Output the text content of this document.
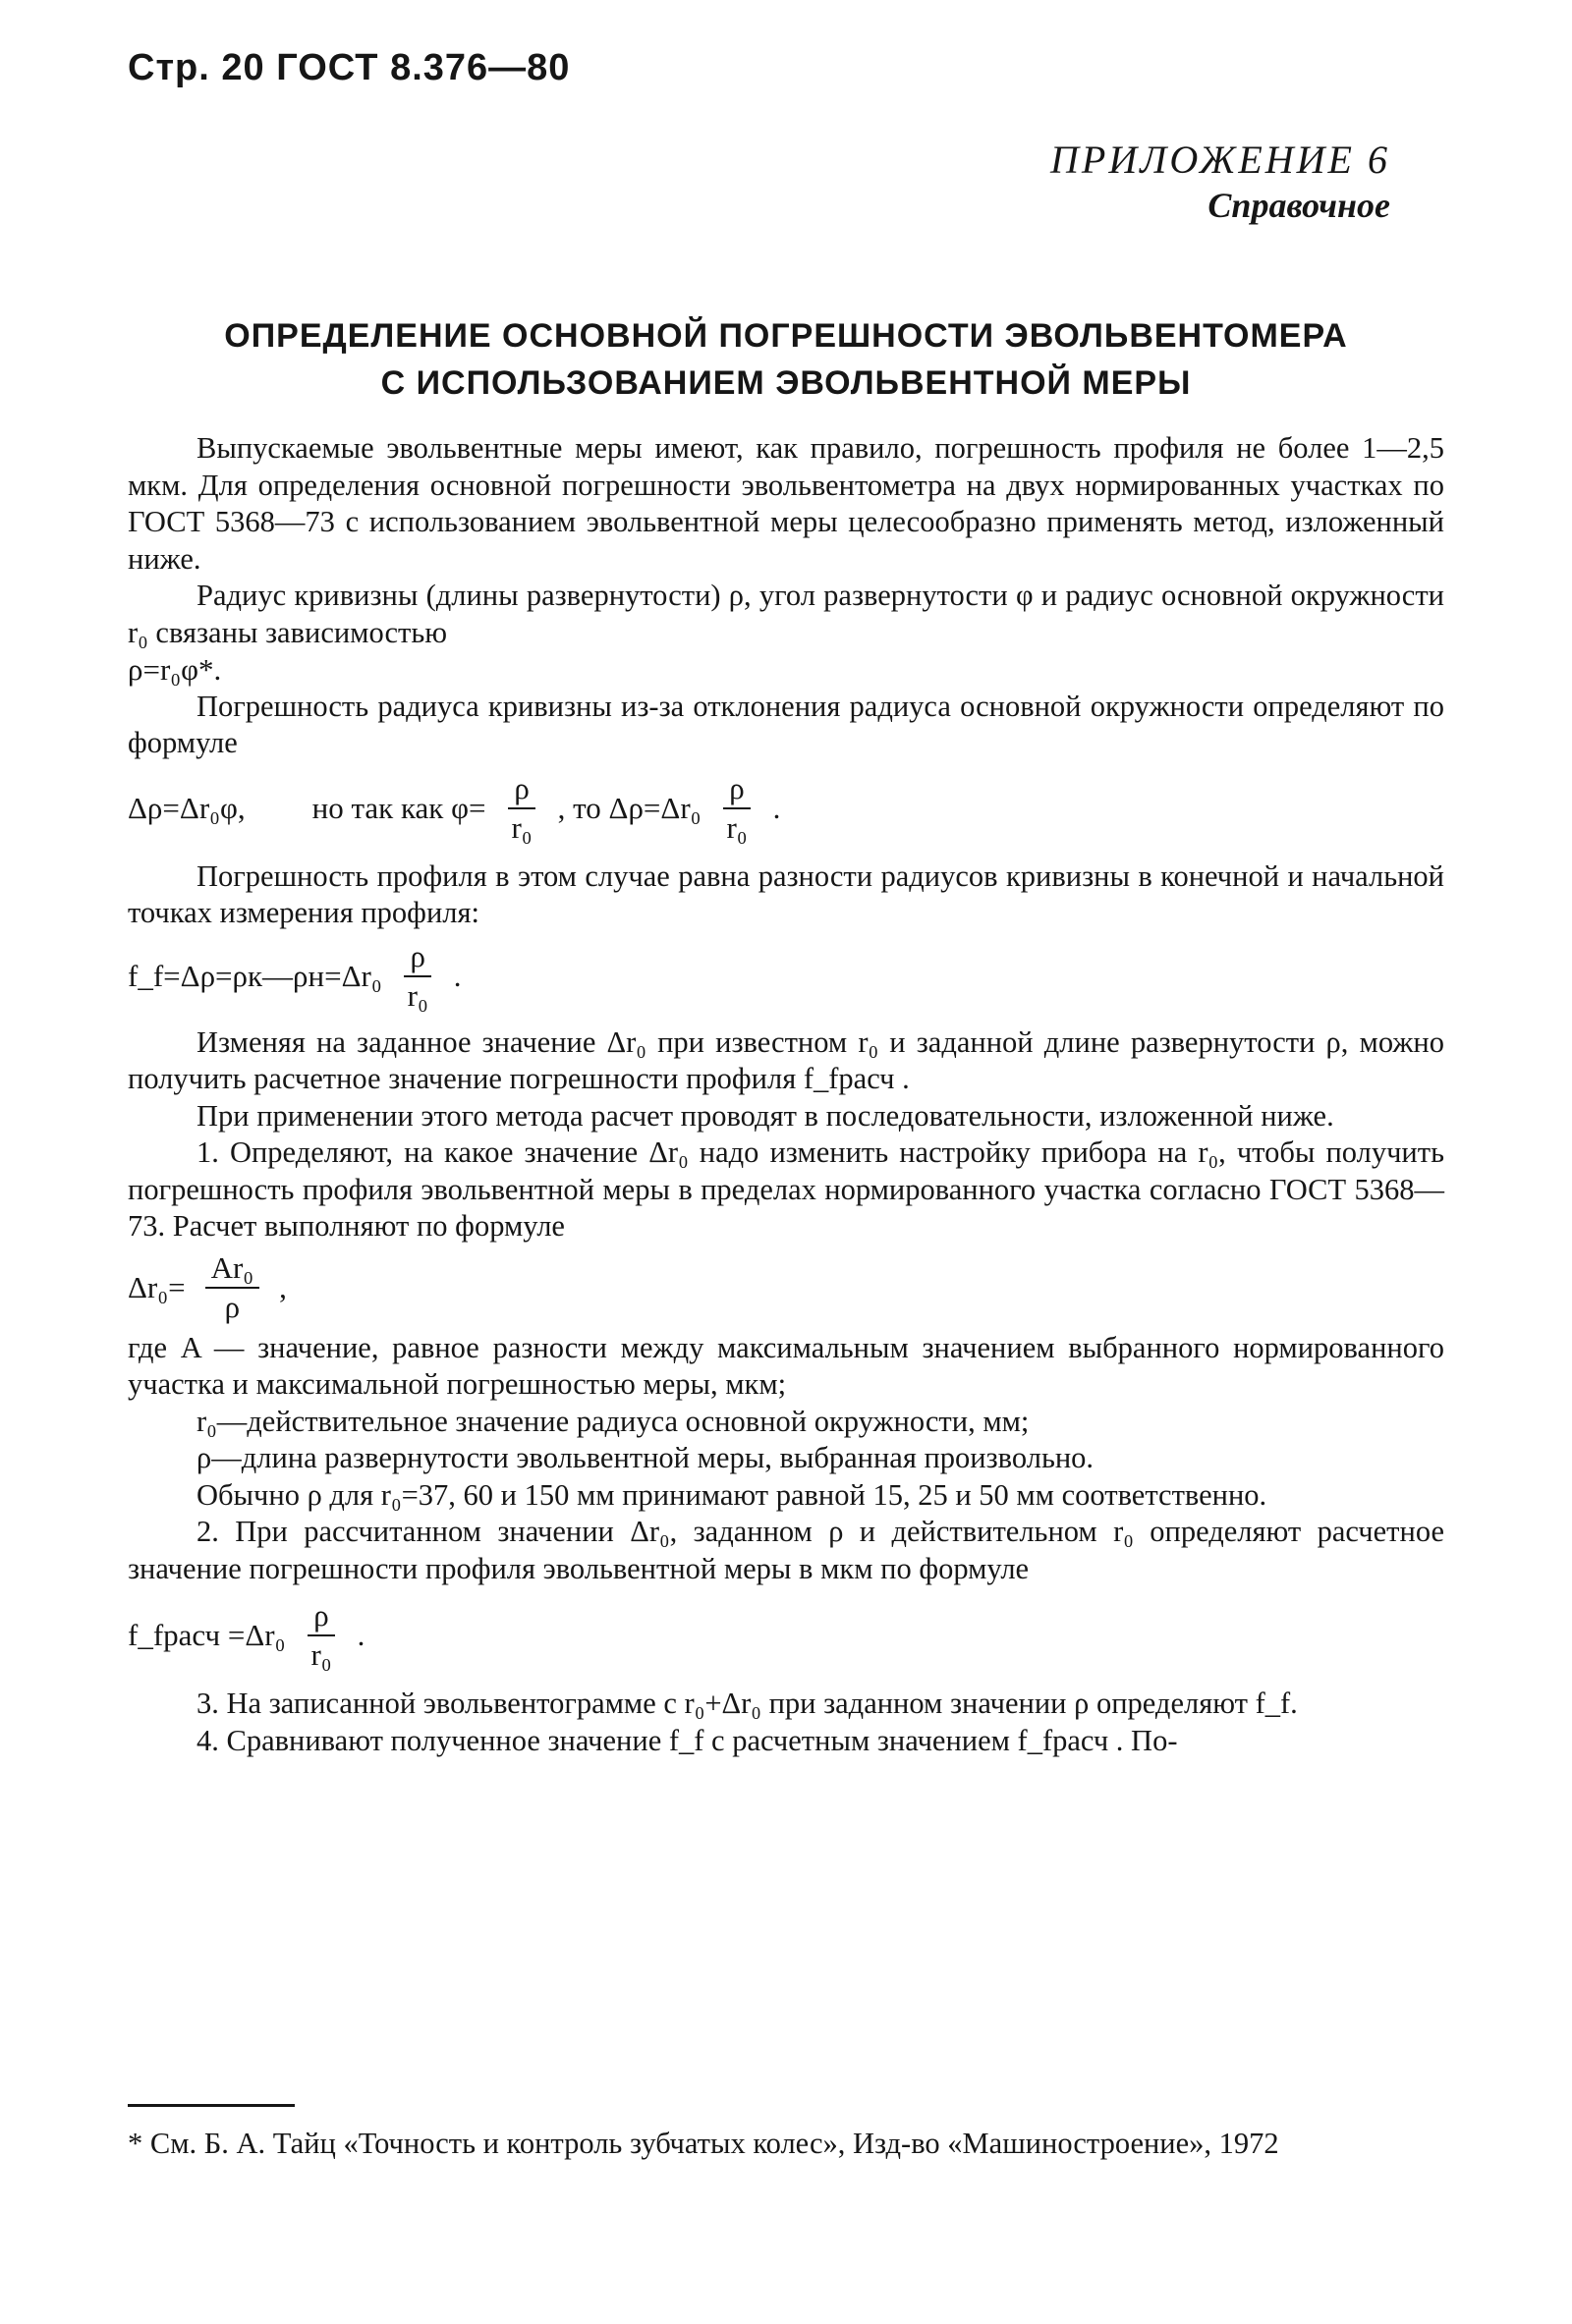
Стр. 20 ГОСТ 8.376—80
ПРИЛОЖЕНИЕ 6
Справочное
ОПРЕДЕЛЕНИЕ ОСНОВНОЙ ПОГРЕШНОСТИ ЭВОЛЬВЕНТОМЕРА
С ИСПОЛЬЗОВАНИЕМ ЭВОЛЬВЕНТНОЙ МЕРЫ

Выпускаемые эвольвентные меры имеют, как правило, погрешность профиля не более 1—2,5 мкм. Для определения основной погрешности эвольвентометра на двух нормированных участках по ГОСТ 5368—73 с использованием эвольвентной меры целесообразно применять метод, изложенный ниже.

Радиус кривизны (длины развернутости) ρ, угол развернутости φ и радиус основной окружности r₀ связаны зависимостью

ρ=r₀φ*.

Погрешность радиуса кривизны из-за отклонения радиуса основной окружности определяют по формуле

Δρ=Δr₀φ, но так как $\varphi= \frac{\rho}{\text{r₀}}$ , то $\Delta\rho=\Delta r_0 \frac{\rho}{\text{r₀}}$ .

Погрешность профиля в этом случае равна разности радиусов кривизны в конечной и начальной точках измерения профиля:

f_f=Δρ=ρк—ρн=Δr₀ $\frac{\rho}{\text{r₀}}$ .

Изменяя на заданное значение Δr₀ при известном r₀ и заданной длине развернутости ρ, можно получить расчетное значение погрешности профиля f_fрасч .

При применении этого метода расчет проводят в последовательности, изложенной ниже.

1. Определяют, на какое значение Δr₀ надо изменить настройку прибора на r₀, чтобы получить погрешность профиля эвольвентной меры в пределах нормированного участка согласно ГОСТ 5368—73. Расчет выполняют по формуле

$\Delta r_0= \frac{\text{Ar₀}}{\rho}$ ,

где A — значение, равное разности между максимальным значением выбранного нормированного участка и максимальной погрешностью меры, мкм;

r₀—действительное значение радиуса основной окружности, мм;

ρ—длина развернутости эвольвентной меры, выбранная произвольно.

Обычно ρ для r₀=37, 60 и 150 мм принимают равной 15, 25 и 50 мм соответственно.

2. При рассчитанном значении Δr₀, заданном ρ и действительном r₀ определяют расчетное значение погрешности профиля эвольвентной меры в мкм по формуле

f_fрасч $=\Delta r_0 \frac{\rho}{\text{r₀}}$ .

3. На записанной эвольвентограмме с r₀+Δr₀ при заданном значении ρ определяют f_f.

4. Сравнивают полученное значение f_f с расчетным значением f_fрасч . По-

* См. Б. А. Тайц «Точность и контроль зубчатых колес», Изд-во «Машиностроение», 1972
